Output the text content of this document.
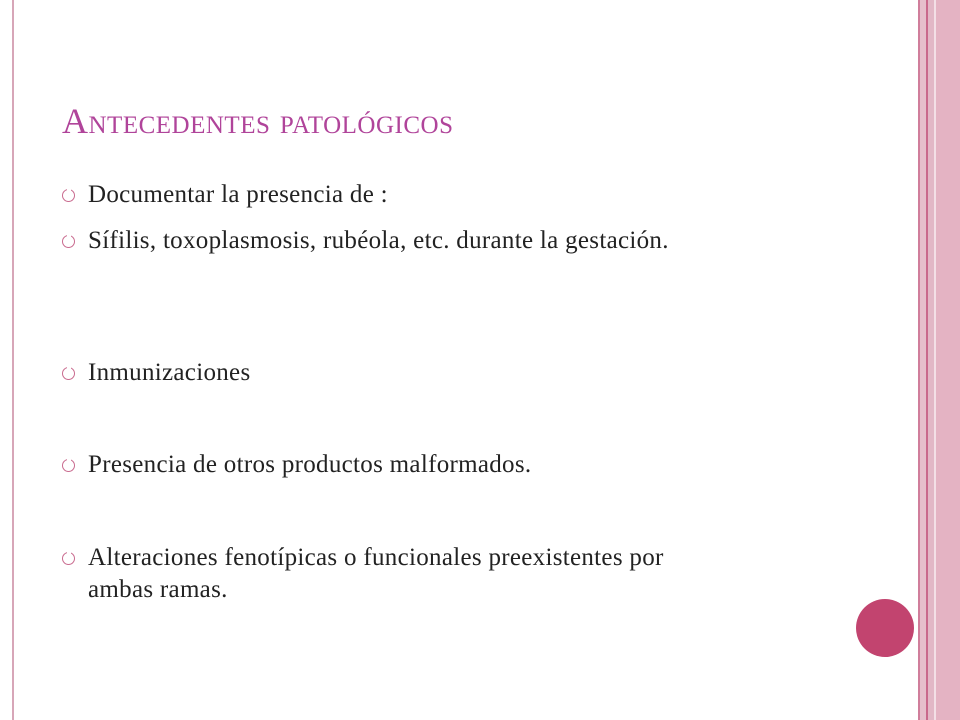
Antecedentes patológicos
Documentar la presencia de :
Sífilis, toxoplasmosis, rubéola, etc. durante la gestación.
Inmunizaciones
Presencia de otros productos malformados.
Alteraciones fenotípicas o funcionales preexistentes por ambas ramas.
